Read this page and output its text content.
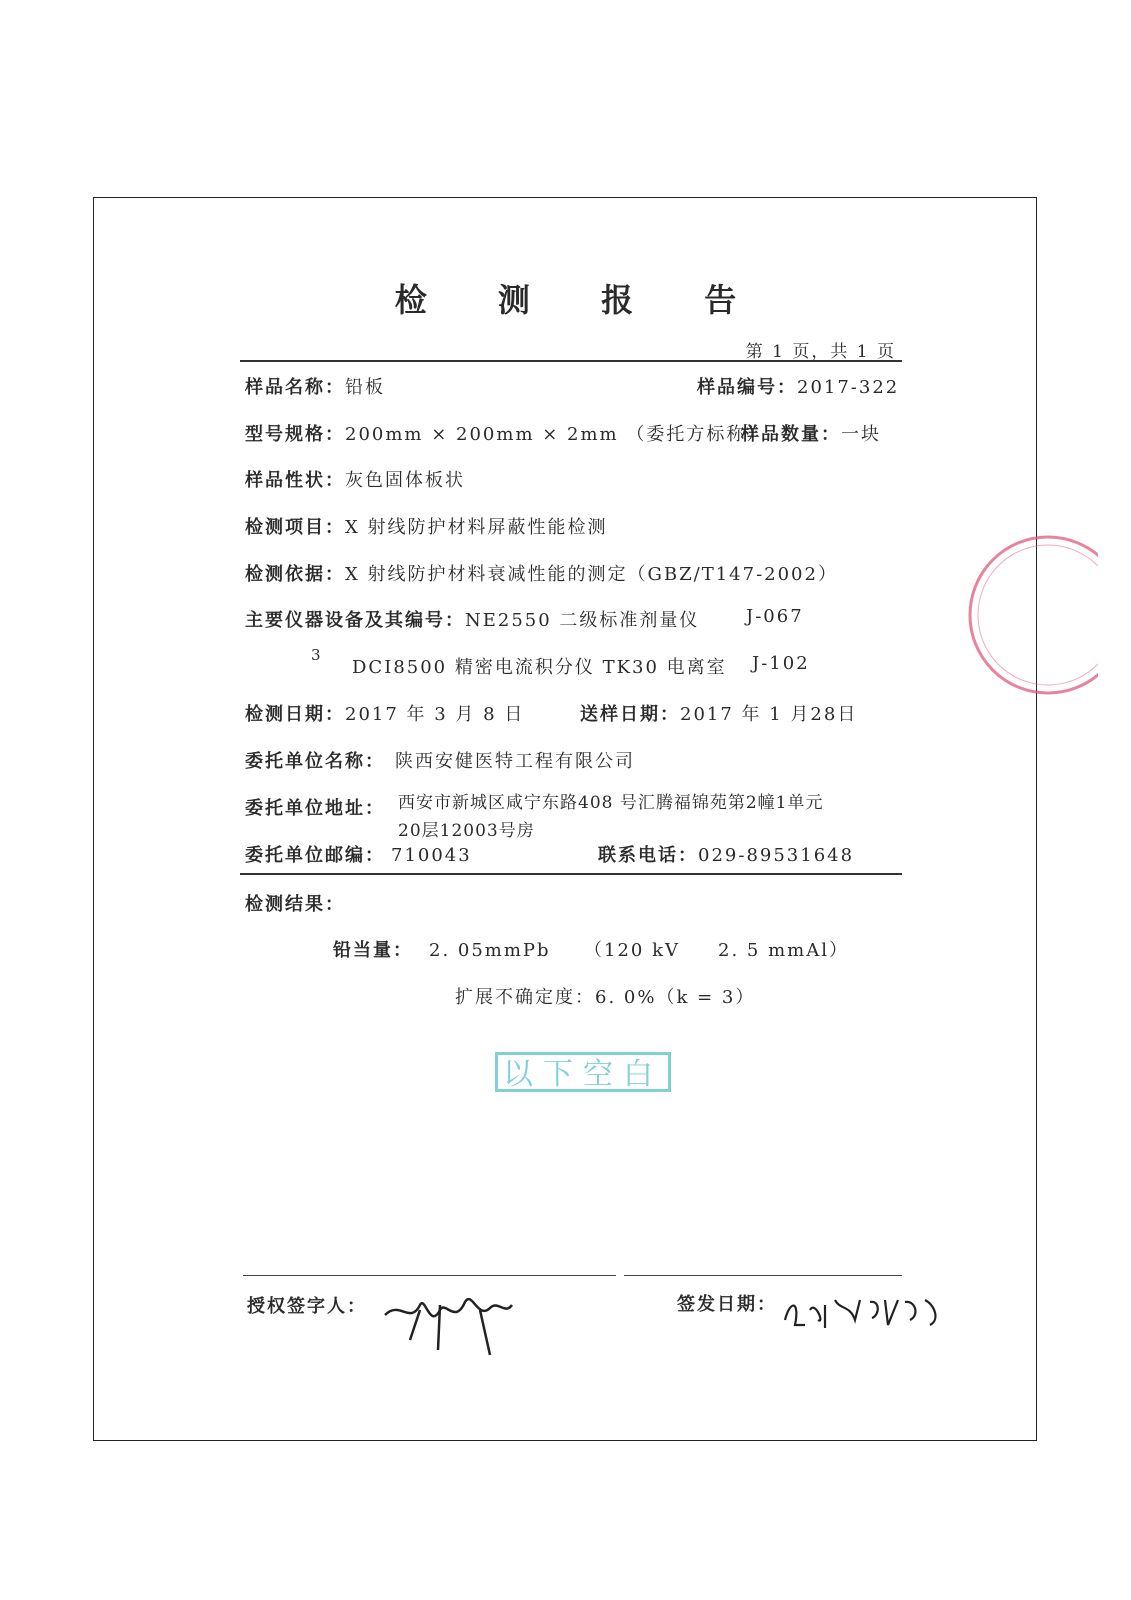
检 测 报 告
第 1 页，共 1 页
样品名称：铅板	样品编号：2017-322
型号规格：200mm × 200mm × 2mm （委托方标称）
样品数量：一块
样品性状：灰色固体板状
检测项目：X 射线防护材料屏蔽性能检测
检测依据：X 射线防护材料衰减性能的测定（GBZ/T147-2002）
主要仪器设备及其编号：NE2550 二级标准剂量仪	J-067
3
DCI8500 精密电流积分仪 TK30 电离室 J-102
检测日期：2017 年 3 月 8 日	送样日期：2017 年 1 月28日
委托单位名称： 陕西安健医特工程有限公司
委托单位地址： 西安市新城区咸宁东路408 号汇腾福锦苑第2幢1单元
20层12003号房
委托单位邮编： 710043	联系电话：029-89531648
检测结果：
铅当量： 2. 05mmPb （120 kV 2. 5 mmAl）
扩展不确定度：6. 0%（k = 3）
以下空白
授权签字人：	签发日期：
